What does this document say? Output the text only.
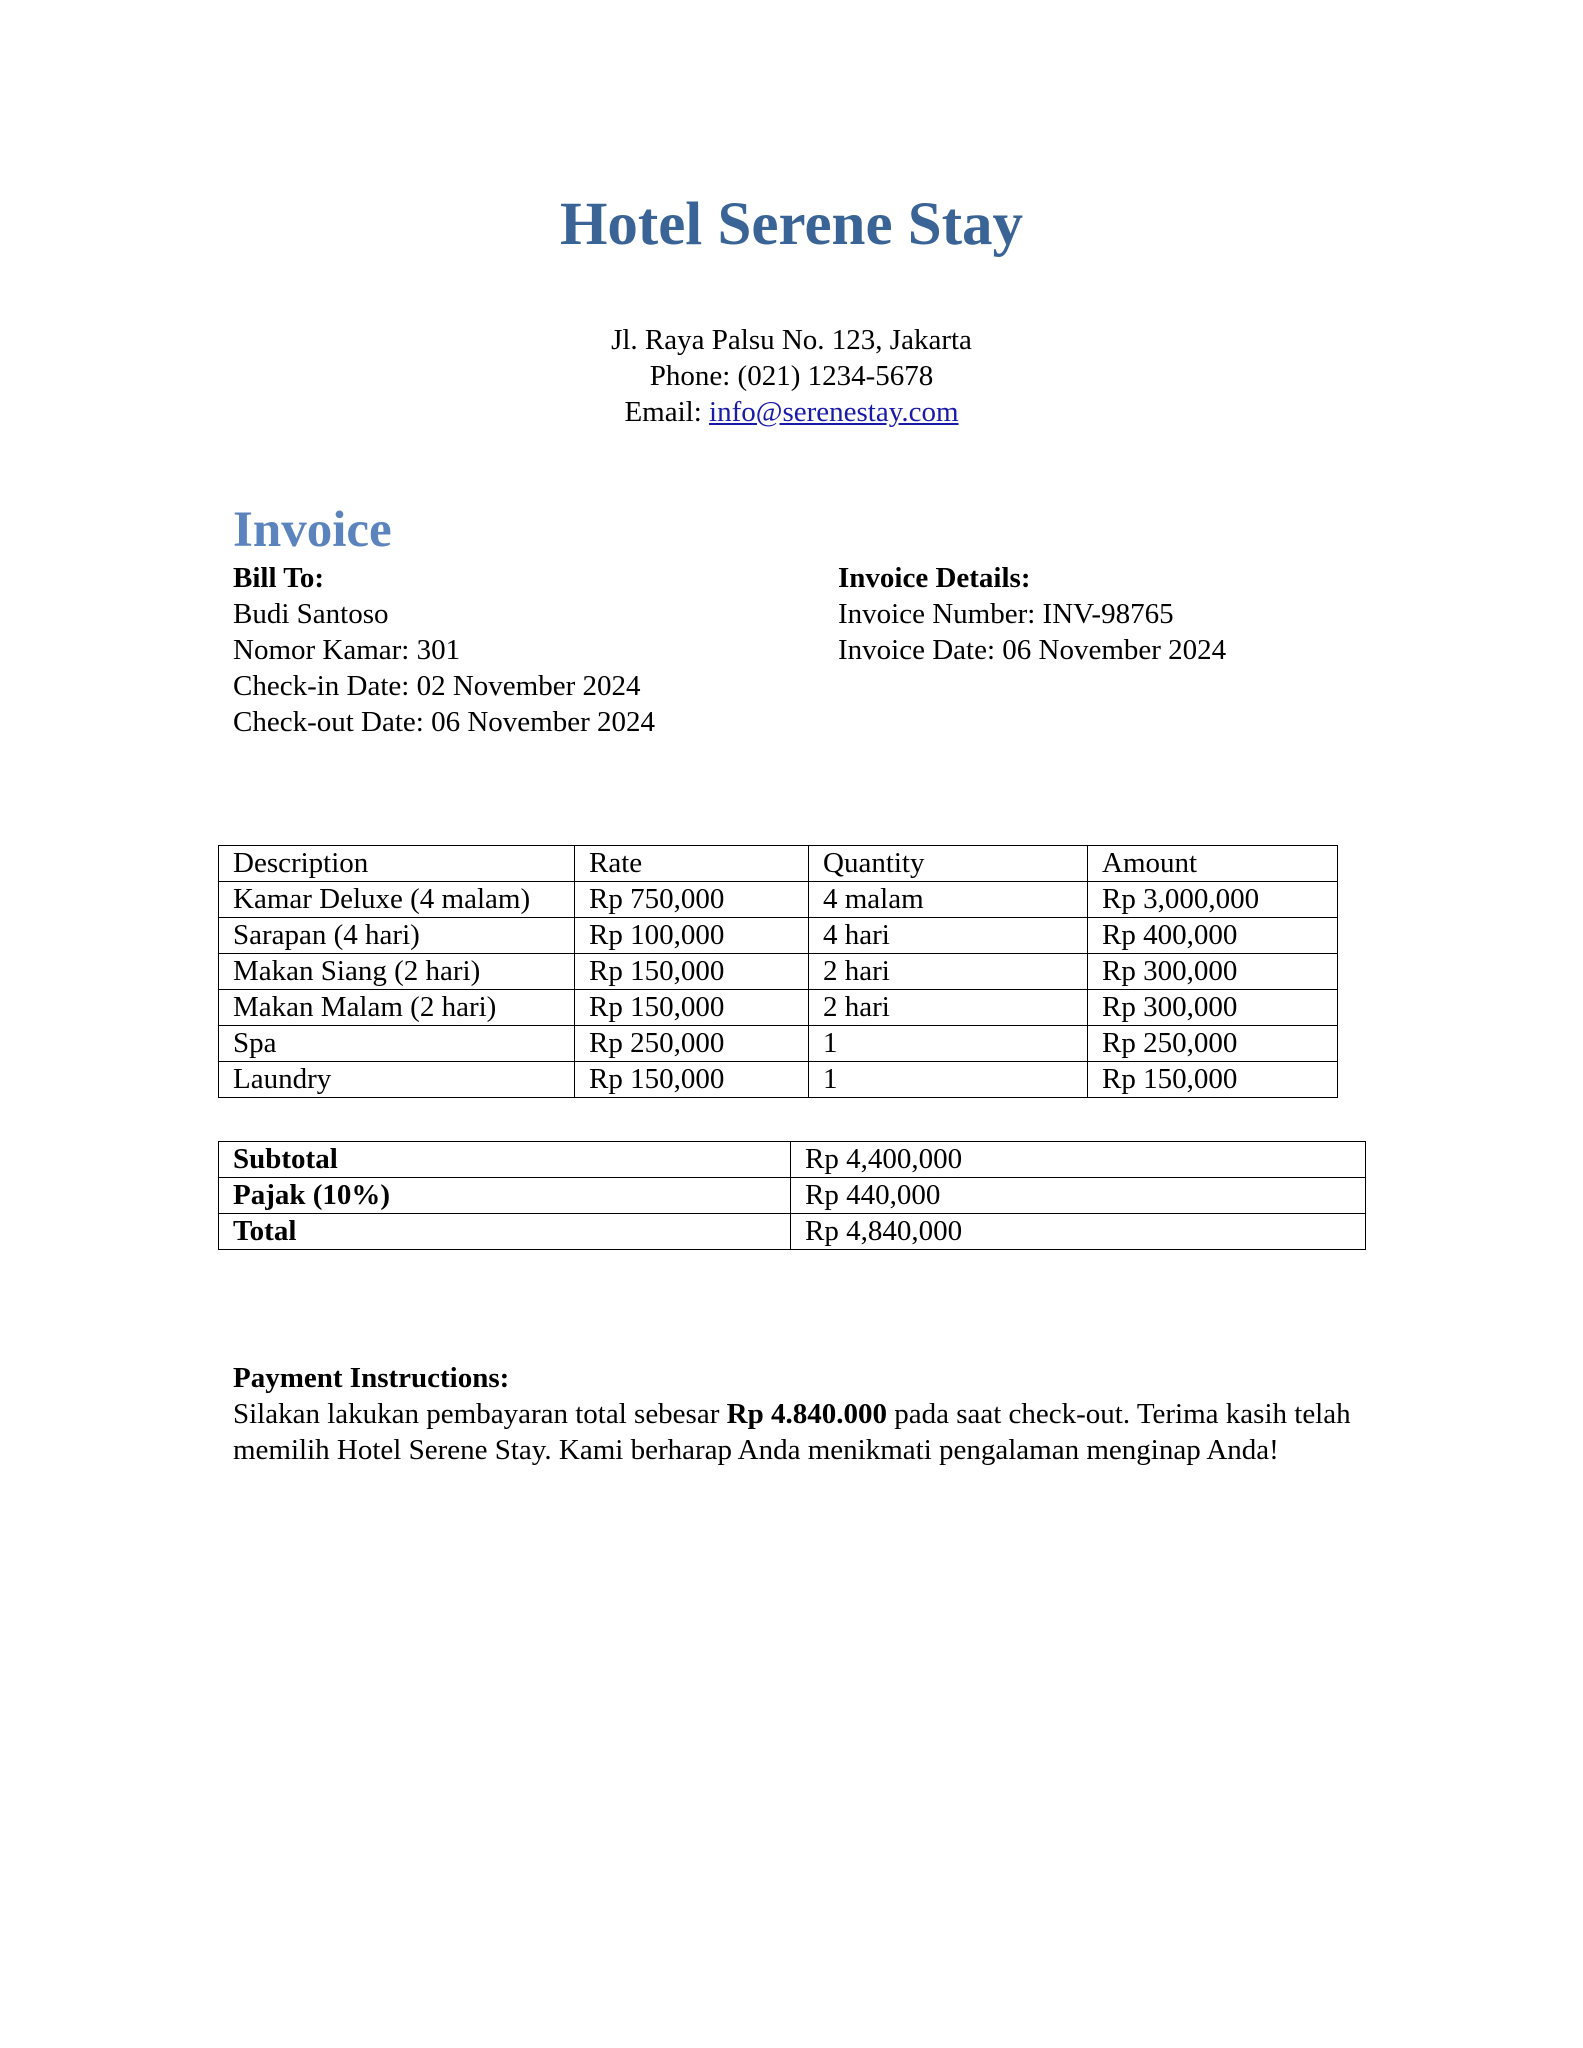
Hotel Serene Stay
Jl. Raya Palsu No. 123, Jakarta
Phone: (021) 1234-5678
Email: info@serenestay.com
Invoice
Bill To:
Budi Santoso
Nomor Kamar: 301
Check-in Date: 02 November 2024
Check-out Date: 06 November 2024
Invoice Details:
Invoice Number: INV-98765
Invoice Date: 06 November 2024
Description	Rate	Quantity	Amount
Kamar Deluxe (4 malam)	Rp 750,000	4 malam	Rp 3,000,000
Sarapan (4 hari)	Rp 100,000	4 hari	Rp 400,000
Makan Siang (2 hari)	Rp 150,000	2 hari	Rp 300,000
Makan Malam (2 hari)	Rp 150,000	2 hari	Rp 300,000
Spa	Rp 250,000	1	Rp 250,000
Laundry	Rp 150,000	1	Rp 150,000
Subtotal	Rp 4,400,000
Pajak (10%)	Rp 440,000
Total	Rp 4,840,000
Payment Instructions:
Silakan lakukan pembayaran total sebesar Rp 4.840.000 pada saat check-out. Terima kasih telah memilih Hotel Serene Stay. Kami berharap Anda menikmati pengalaman menginap Anda!
